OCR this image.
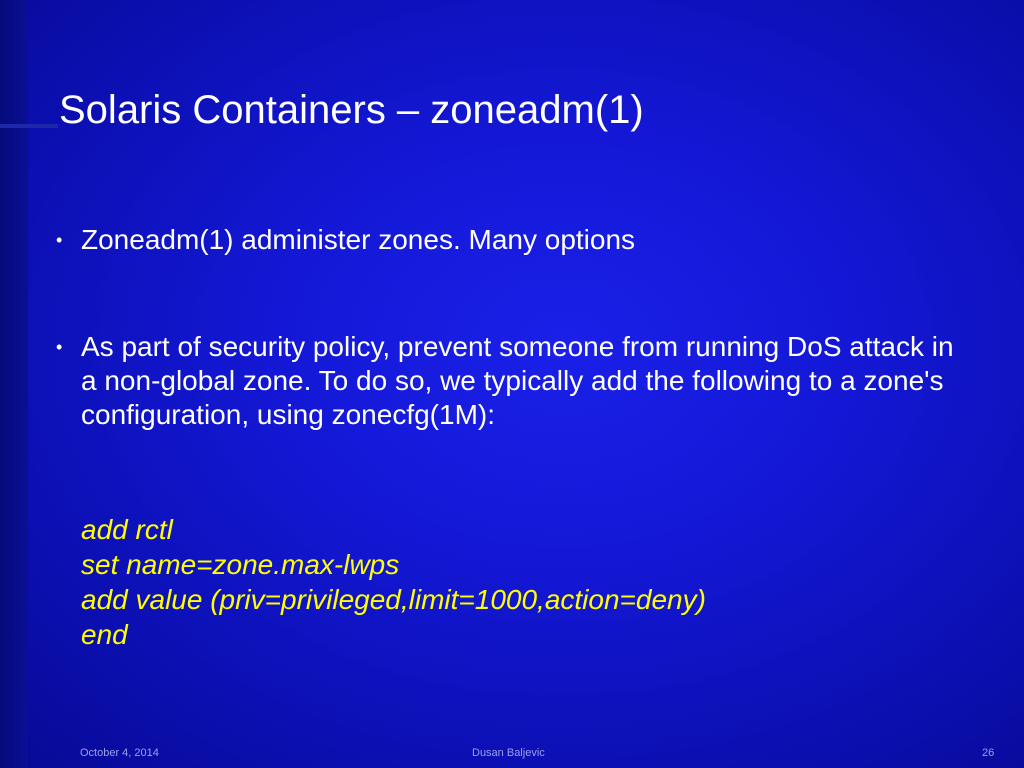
Solaris Containers – zoneadm(1)
• Zoneadm(1) administer zones. Many options

• As part of security policy, prevent someone from running DoS attack in a non-global zone. To do so, we typically add the following to a zone's configuration, using zonecfg(1M):

add rctl
set name=zone.max-lwps
add value (priv=privileged,limit=1000,action=deny)
end
October 4, 2014	Dusan Baljevic	26
